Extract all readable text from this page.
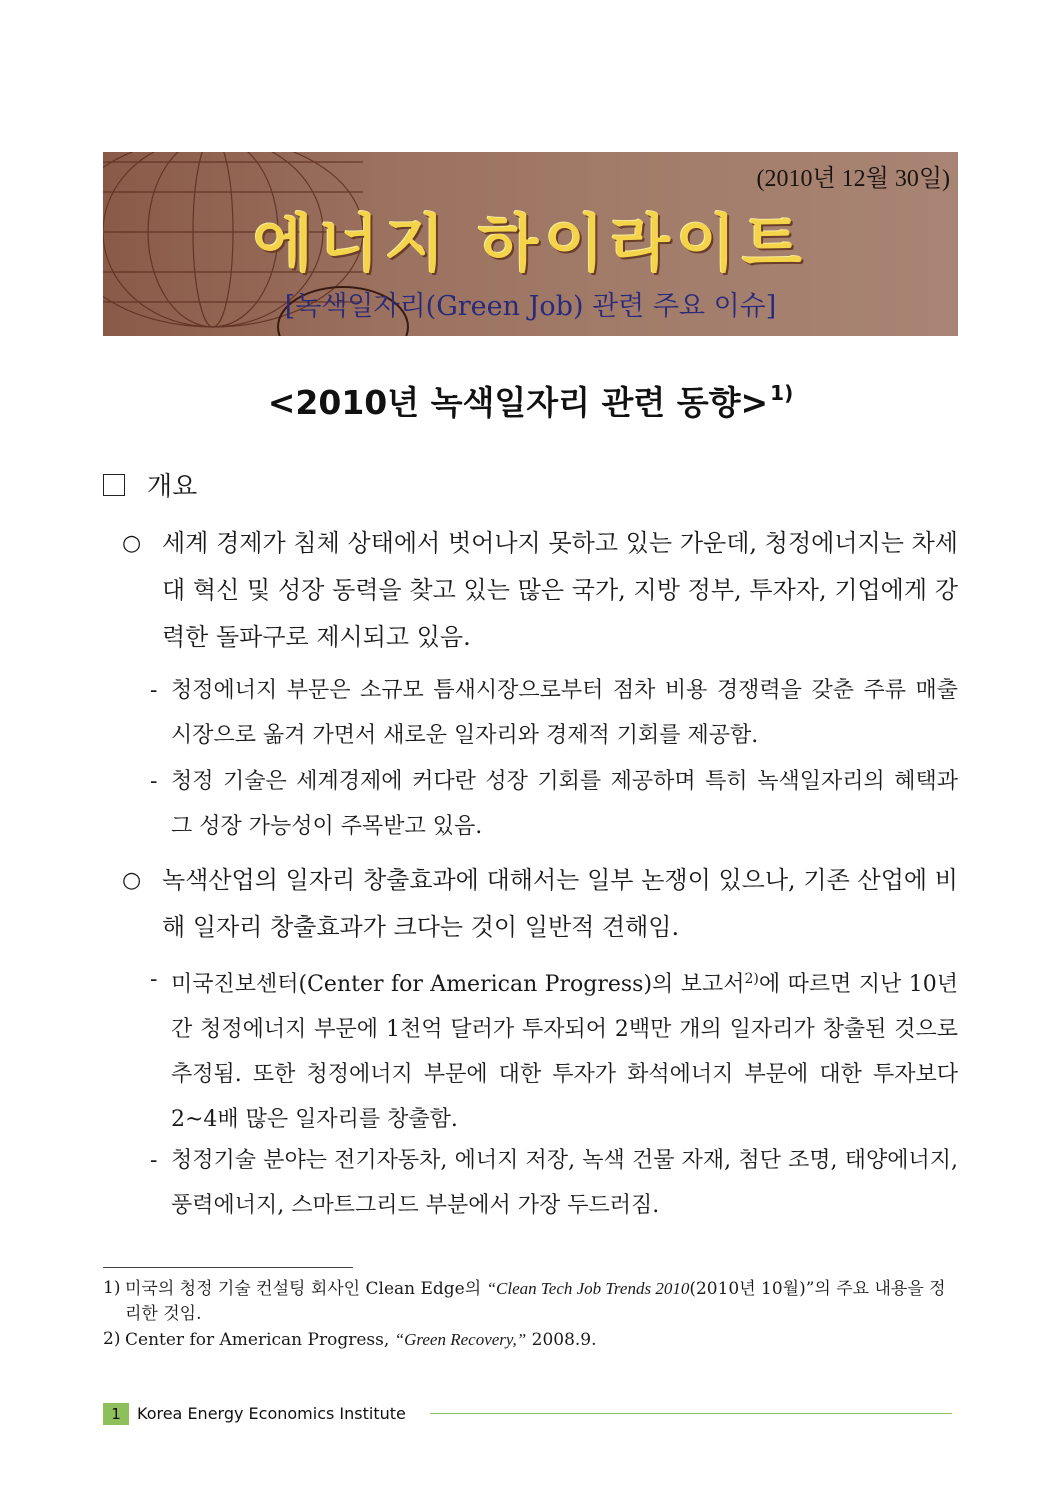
(2010년 12월 30일)
에너지 하이라이트
[녹색일자리(Green Job) 관련 주요 이슈]
<2010년 녹색일자리 관련 동향> $^{1)}$
개요
○ 세계 경제가 침체 상태에서 벗어나지 못하고 있는 가운데, 청정에너지는 차세대 혁신 및 성장 동력을 찾고 있는 많은 국가, 지방 정부, 투자자, 기업에게 강력한 돌파구로 제시되고 있음.
- 청정에너지 부문은 소규모 틈새시장으로부터 점차 비용 경쟁력을 갖춘 주류 매출 시장으로 옮겨 가면서 새로운 일자리와 경제적 기회를 제공함.
- 청정 기술은 세계경제에 커다란 성장 기회를 제공하며 특히 녹색일자리의 혜택과 그 성장 가능성이 주목받고 있음.
○ 녹색산업의 일자리 창출효과에 대해서는 일부 논쟁이 있으나, 기존 산업에 비해 일자리 창출효과가 크다는 것이 일반적 견해임.
- 미국진보센터(Center for American Progress)의 보고서$^{2)}$에 따르면 지난 10년간 청정에너지 부문에 1천억 달러가 투자되어 2백만 개의 일자리가 창출된 것으로 추정됨. 또한 청정에너지 부문에 대한 투자가 화석에너지 부문에 대한 투자보다 2~4배 많은 일자리를 창출함.
- 청정기술 분야는 전기자동차, 에너지 저장, 녹색 건물 자재, 첨단 조명, 태양에너지, 풍력에너지, 스마트그리드 부분에서 가장 두드러짐.
1) 미국의 청정 기술 컨설팅 회사인 Clean Edge의 “Clean Tech Job Trends 2010(2010년 10월)”의 주요 내용을 정리한 것임.
2) Center for American Progress, “Green Recovery,” 2008.9.
1	Korea Energy Economics Institute
